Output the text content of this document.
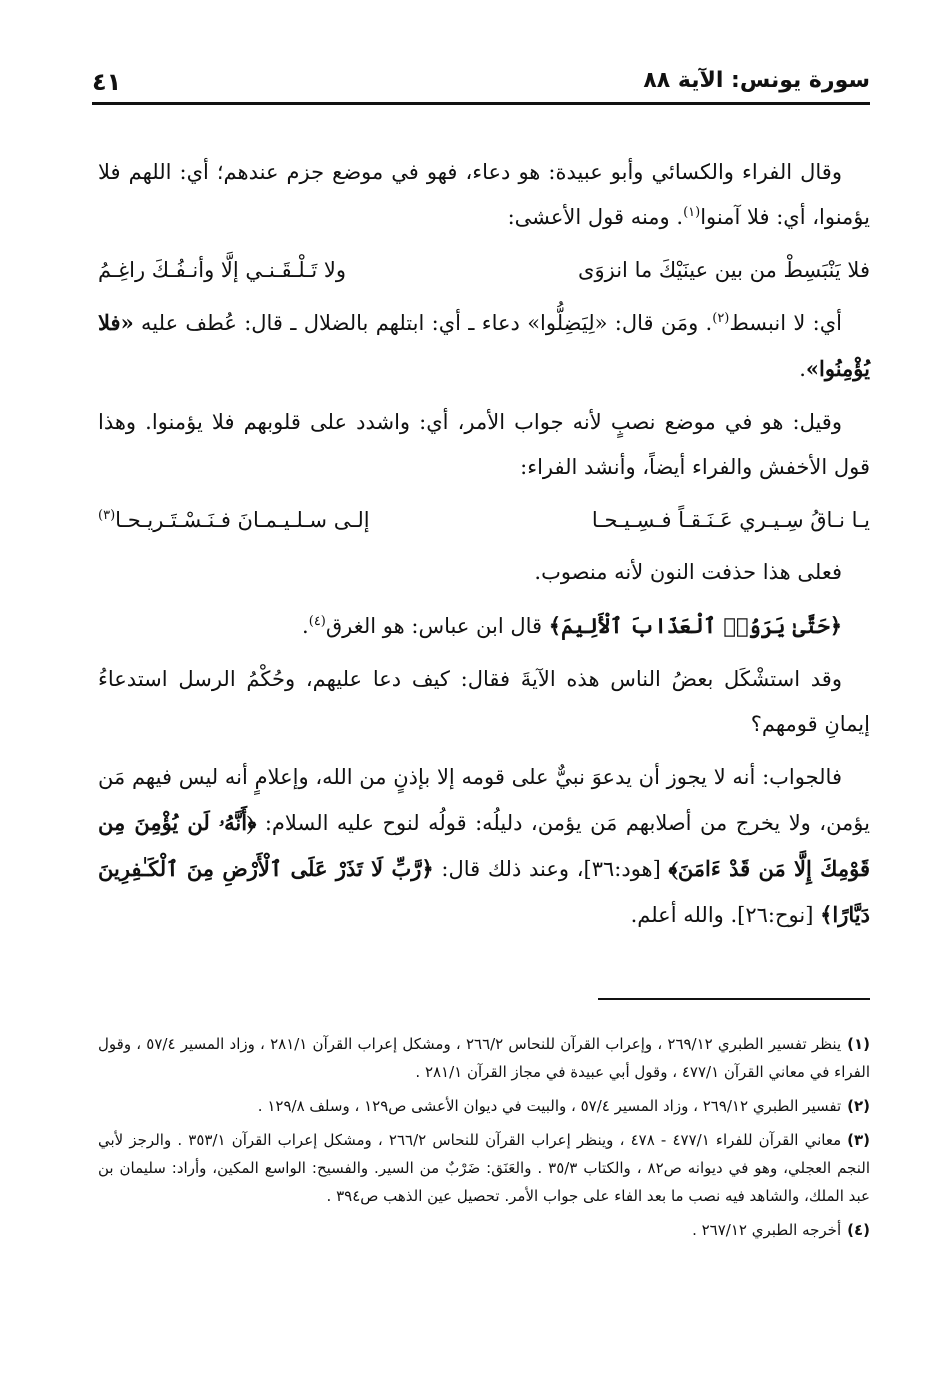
سورة يونس: الآية ٨٨
٤١

وقال الفراء والكسائي وأبو عبيدة: هو دعاء، فهو في موضع جزم عندهم؛ أي: اللهم فلا يؤمنوا، أي: فلا آمنوا$^{(١)}$. ومنه قول الأعشى:

فلا يَنْبَسِطْ من بين عينَيْكَ ما انزوَى
ولا تَـلْـقَـنـي إلَّا وأنـفُـكَ راغِـمُ

أي: لا انبسط$^{(٢)}$. ومَن قال: «لِيَضِلُّوا» دعاء ـ أي: ابتلهم بالضلال ـ قال: عُطف عليه «فلا يُؤْمِنُوا».

وقيل: هو في موضع نصبٍ لأنه جواب الأمر، أي: واشدد على قلوبهم فلا يؤمنوا. وهذا قول الأخفش والفراء أيضاً، وأنشد الفراء:

يـا نـاقُ سِـيـري عَـنَـقـاً فـسِـيـحـا
إلـى سـلـيـمـانَ فـنَـسْـتَـريـحـا$^{(٣)}$

فعلى هذا حذفت النون لأنه منصوب.

﴿حَتَّىٰ يَرَوُا۟ ٱلْعَذَابَ ٱلْأَلِيمَ﴾ قال ابن عباس: هو الغرق$^{(٤)}$.

وقد استشْكَل بعضُ الناس هذه الآيةَ فقال: كيف دعا عليهم، وحُكْمُ الرسل استدعاءُ إيمانِ قومهم؟

فالجواب: أنه لا يجوز أن يدعوَ نبيٌّ على قومه إلا بإذنٍ من الله، وإعلامٍ أنه ليس فيهم مَن يؤمن، ولا يخرج من أصلابهم مَن يؤمن، دليلُه: قولُه لنوح عليه السلام: ﴿أَنَّهُۥ لَن يُؤْمِنَ مِن قَوْمِكَ إِلَّا مَن قَدْ ءَامَنَ﴾ [هود:٣٦]، وعند ذلك قال: ﴿رَّبِّ لَا تَذَرْ عَلَى ٱلْأَرْضِ مِنَ ٱلْكَـٰفِرِينَ دَيَّارًا﴾ [نوح:٢٦]. والله أعلم.

(١)ينظر تفسير الطبري ٢٦٩/١٢ ، وإعراب القرآن للنحاس ٢٦٦/٢ ، ومشكل إعراب القرآن ٢٨١/١ ، وزاد المسير ٥٧/٤ ، وقول الفراء في معاني القرآن ٤٧٧/١ ، وقول أبي عبيدة في مجاز القرآن ٢٨١/١ .

(٢)تفسير الطبري ٢٦٩/١٢ ، وزاد المسير ٥٧/٤ ، والبيت في ديوان الأعشى ص١٢٩ ، وسلف ١٢٩/٨ .

(٣)معاني القرآن للفراء ٤٧٧/١ - ٤٧٨ ، وينظر إعراب القرآن للنحاس ٢٦٦/٢ ، ومشكل إعراب القرآن ٣٥٣/١ . والرجز لأبي النجم العجلي، وهو في ديوانه ص٨٢ ، والكتاب ٣٥/٣ . والعَنَق: ضَرْبٌ من السير. والفسيح: الواسع المكين، وأراد: سليمان بن عبد الملك، والشاهد فيه نصب ما بعد الفاء على جواب الأمر. تحصيل عين الذهب ص٣٩٤ .

(٤)أخرجه الطبري ٢٦٧/١٢ .
